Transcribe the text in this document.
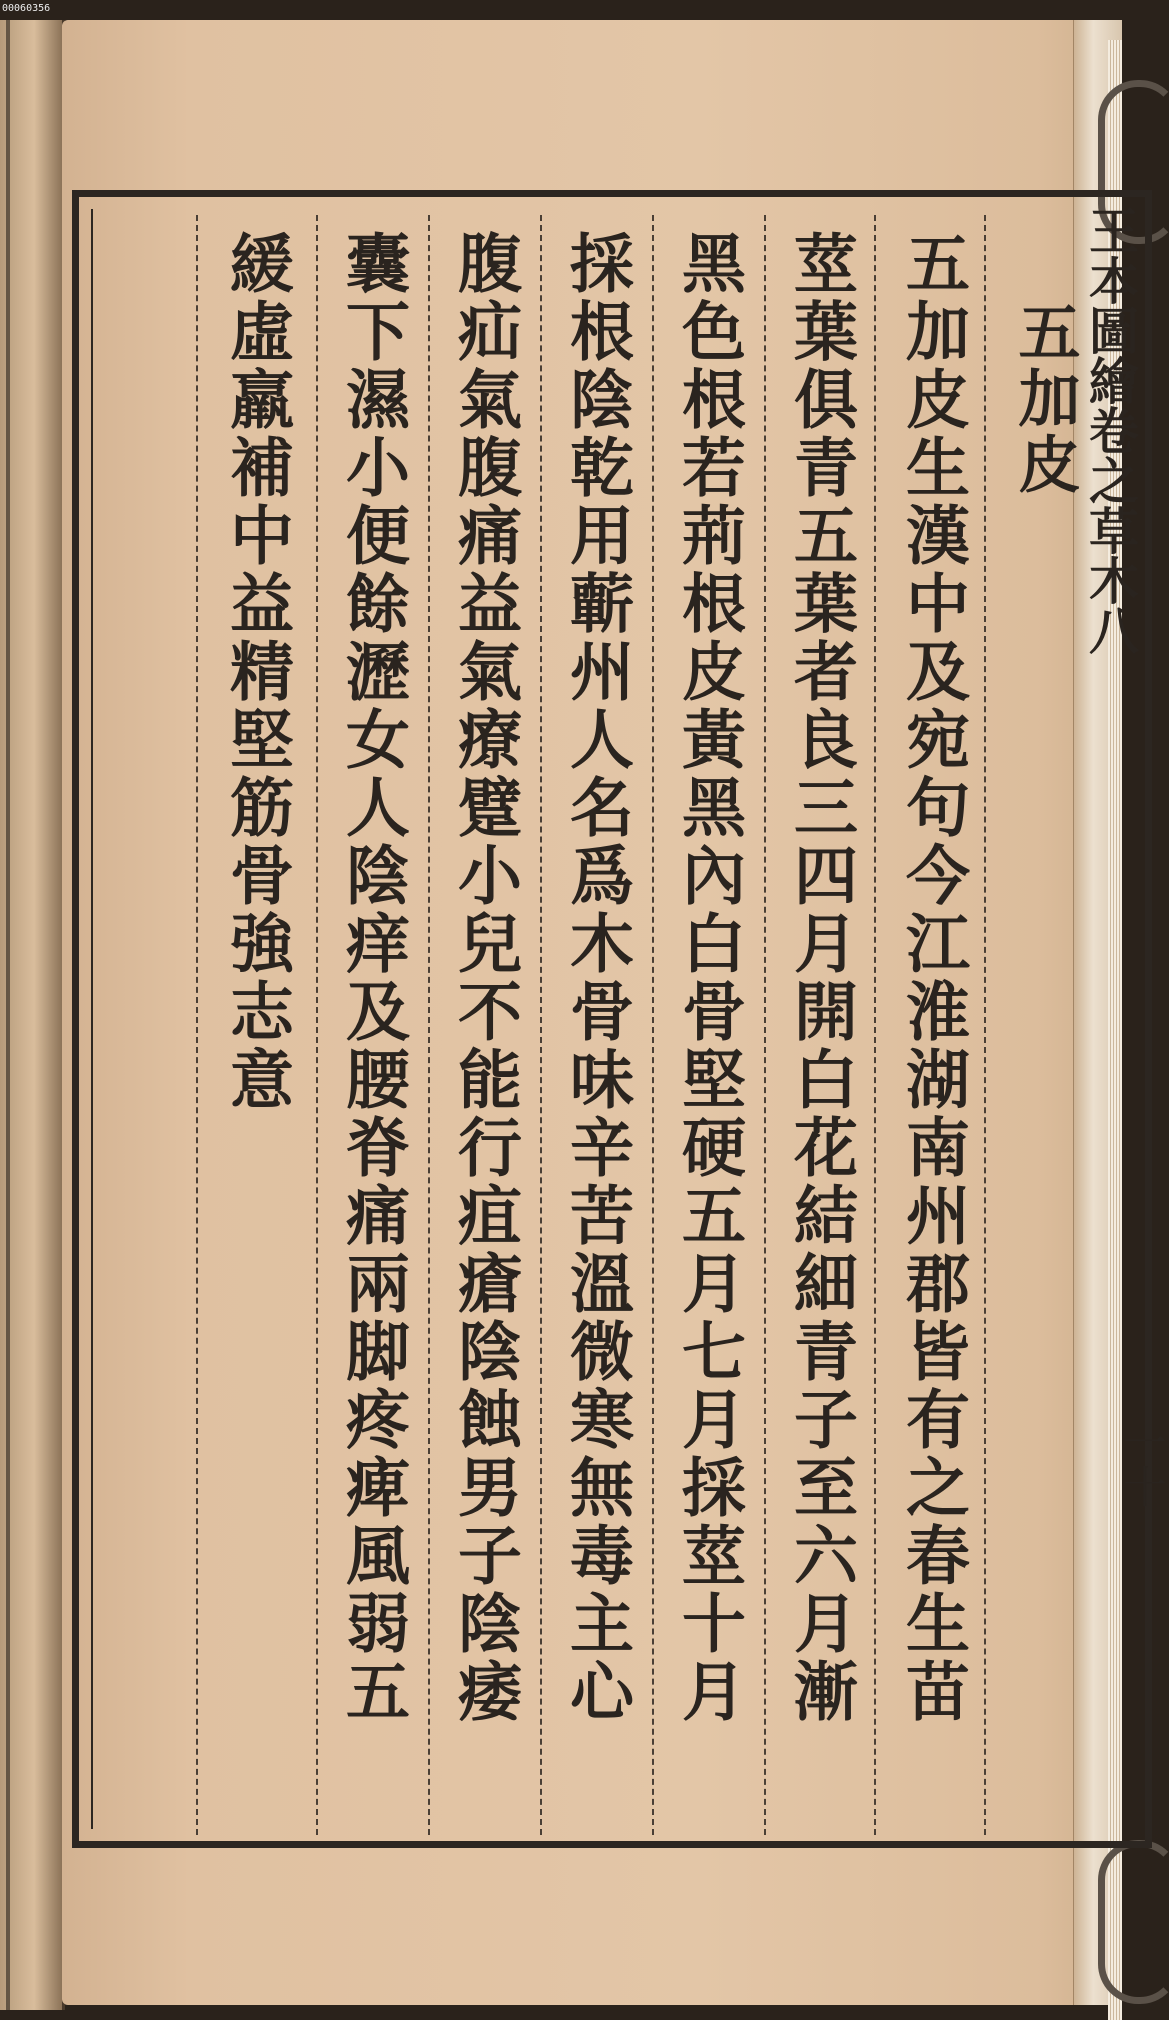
00060356
王本圖繪卷之草木八
一十
五加皮
五加皮生漢中及宛句今江淮湖南州郡皆有之春生苗
莖葉俱青五葉者良三四月開白花結細青子至六月漸
黑色根若荊根皮黃黑內白骨堅硬五月七月採莖十月
採根陰乾用蘄州人名爲木骨味辛苦溫微寒無毒主心
腹疝氣腹痛益氣療躄小兒不能行疽瘡陰蝕男子陰痿
囊下濕小便餘瀝女人陰痒及腰脊痛兩脚疼痺風弱五
緩虛羸補中益精堅筋骨強志意
